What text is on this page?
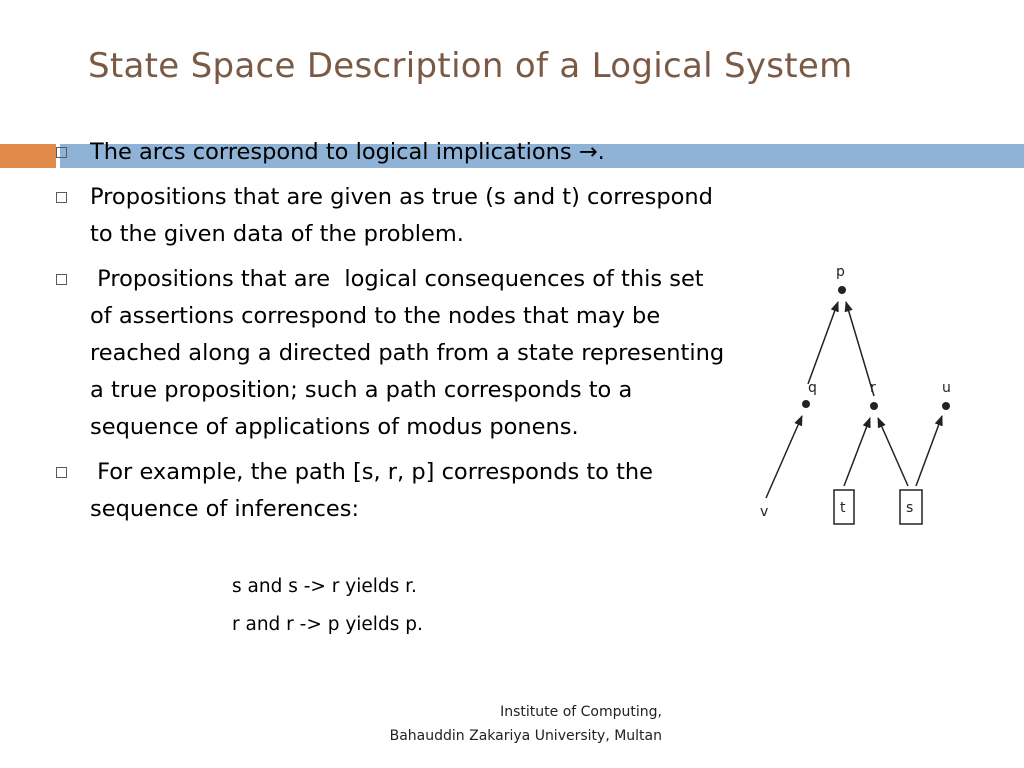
State Space Description of a Logical System
The arcs correspond to logical implications →.
Propositions that are given as true (s and t) correspond to the given data of the problem.
Propositions that are  logical consequences of this set of assertions correspond to the nodes that may be reached along a directed path from a state representing a true proposition; such a path corresponds to a sequence of applications of modus ponens.
For example, the path [s, r, p] corresponds to the sequence of inferences:
s and s -> r yields r.
r and r -> p yields p.
p
q	r	u
v	t	s
Institute of Computing,
Bahauddin Zakariya University, Multan
